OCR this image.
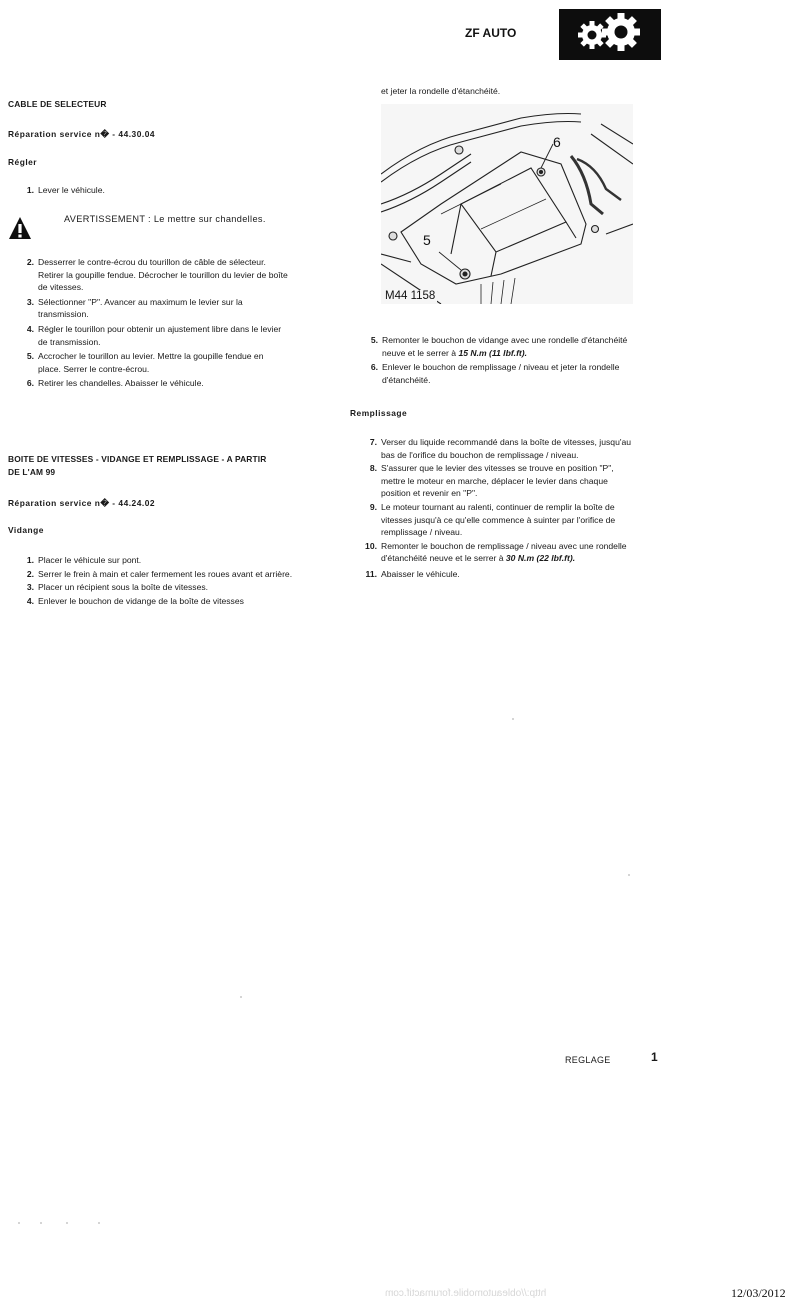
ZF AUTO
CABLE DE SELECTEUR
Réparation service n� - 44.30.04
Régler
1. Lever le véhicule.
AVERTISSEMENT : Le mettre sur chandelles.
2. Desserrer le contre-écrou du tourillon de câble de sélecteur. Retirer la goupille fendue. Décrocher le tourillon du levier de boîte de vitesses.
3. Sélectionner "P". Avancer au maximum le levier sur la transmission.
4. Régler le tourillon pour obtenir un ajustement libre dans le levier de transmission.
5. Accrocher le tourillon au levier. Mettre la goupille fendue en place. Serrer le contre-écrou.
6. Retirer les chandelles. Abaisser le véhicule.
BOITE DE VITESSES - VIDANGE ET REMPLISSAGE - A PARTIR DE L'AM 99
Réparation service n� - 44.24.02
Vidange
1. Placer le véhicule sur pont.
2. Serrer le frein à main et caler fermement les roues avant et arrière.
3. Placer un récipient sous la boîte de vitesses.
4. Enlever le bouchon de vidange de la boîte de vitesses
et jeter la rondelle d'étanchéité.
5
6
M44 1158
5. Remonter le bouchon de vidange avec une rondelle d'étanchéité neuve et le serrer à 15 N.m (11 lbf.ft).
6. Enlever le bouchon de remplissage / niveau et jeter la rondelle d'étanchéité.
Remplissage
7. Verser du liquide recommandé dans la boîte de vitesses, jusqu'au bas de l'orifice du bouchon de remplissage / niveau.
8. S'assurer que le levier des vitesses se trouve en position "P", mettre le moteur en marche, déplacer le levier dans chaque position et revenir en "P".
9. Le moteur tournant au ralenti, continuer de remplir la boîte de vitesses jusqu'à ce qu'elle commence à suinter par l'orifice de remplissage / niveau.
10. Remonter le bouchon de remplissage / niveau avec une rondelle d'étanchéité neuve et le serrer à 30 N.m (22 lbf.ft).
11. Abaisser le véhicule.
REGLAGE	1
http://obleautomobile.forumactif.com	12/03/2012
